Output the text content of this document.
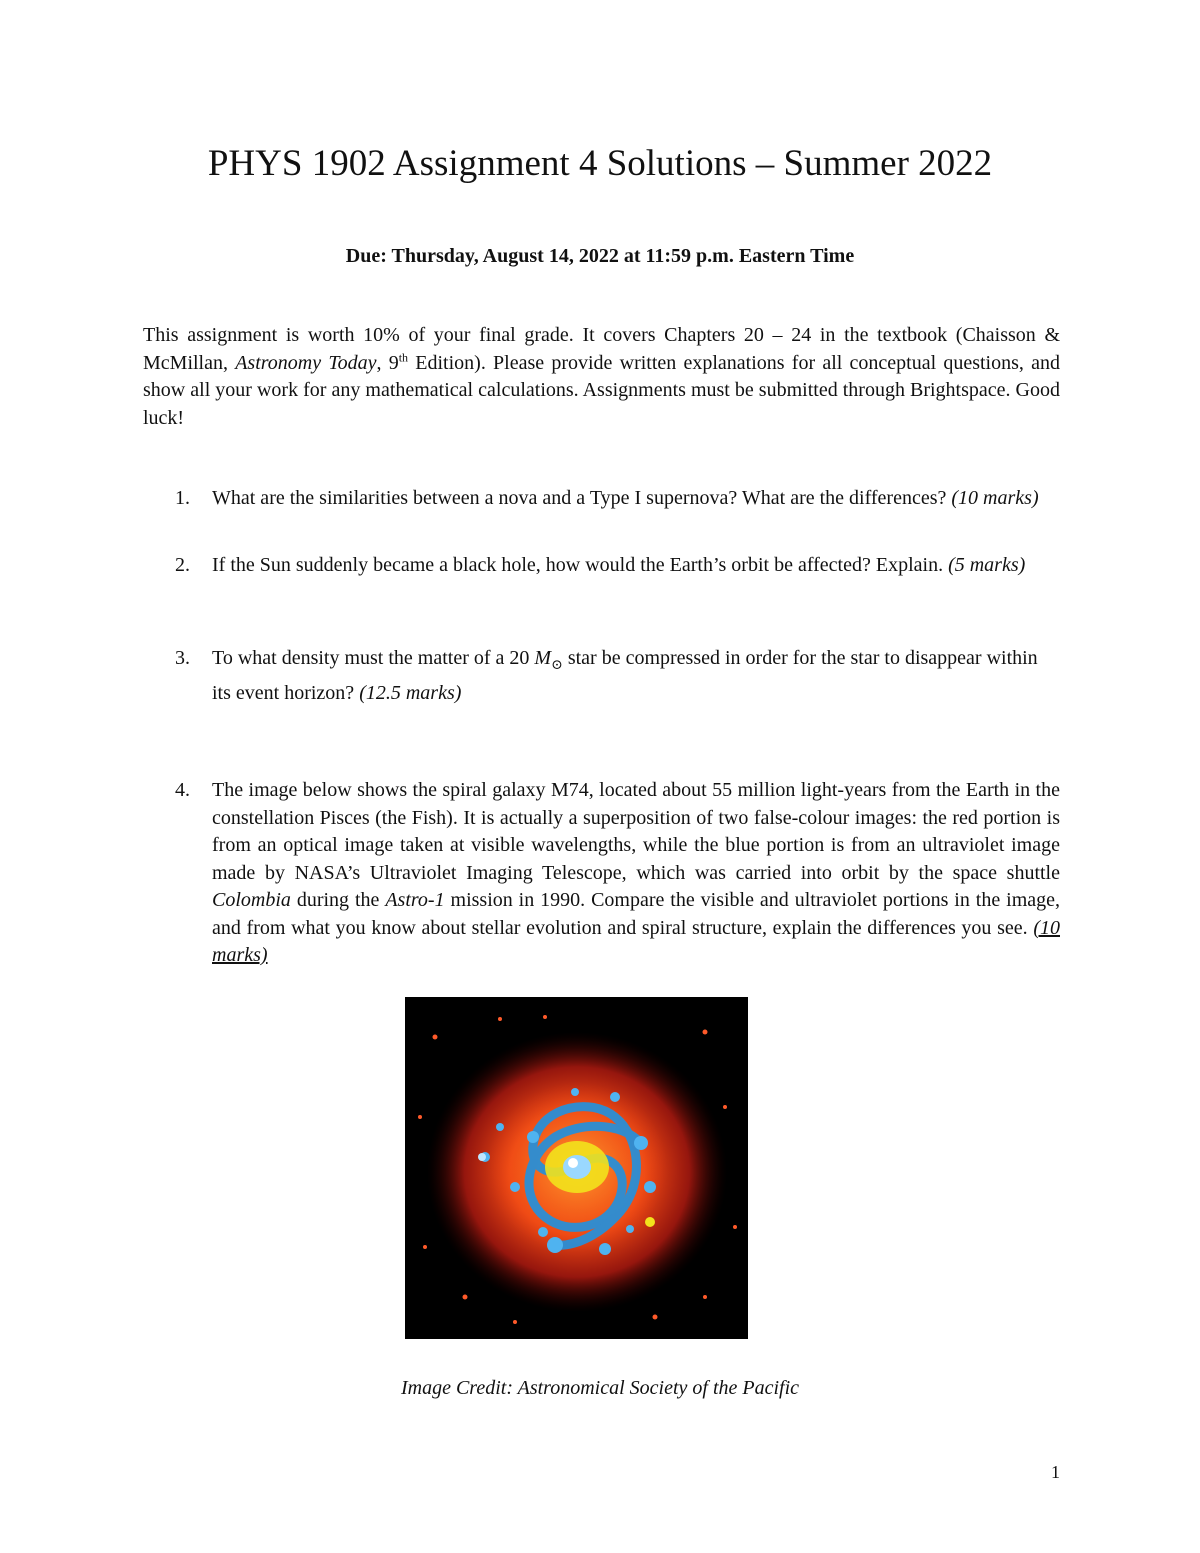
PHYS 1902 Assignment 4 Solutions – Summer 2022
Due: Thursday, August 14, 2022 at 11:59 p.m. Eastern Time

This assignment is worth 10% of your final grade. It covers Chapters 20 – 24 in the textbook (Chaisson & McMillan, Astronomy Today, 9th Edition). Please provide written explanations for all conceptual questions, and show all your work for any mathematical calculations. Assignments must be submitted through Brightspace. Good luck!

1. What are the similarities between a nova and a Type I supernova? What are the differences? (10 marks)
2. If the Sun suddenly became a black hole, how would the Earth’s orbit be affected? Explain. (5 marks)
3. To what density must the matter of a 20 $M_⊙$ star be compressed in order for the star to disappear within its event horizon? (12.5 marks)
4. The image below shows the spiral galaxy M74, located about 55 million light-years from the Earth in the constellation Pisces (the Fish). It is actually a superposition of two false-colour images: the red portion is from an optical image taken at visible wavelengths, while the blue portion is from an ultraviolet image made by NASA’s Ultraviolet Imaging Telescope, which was carried into orbit by the space shuttle Colombia during the Astro-1 mission in 1990. Compare the visible and ultraviolet portions in the image, and from what you know about stellar evolution and spiral structure, explain the differences you see. (10 marks)
Image Credit: Astronomical Society of the Pacific
1
